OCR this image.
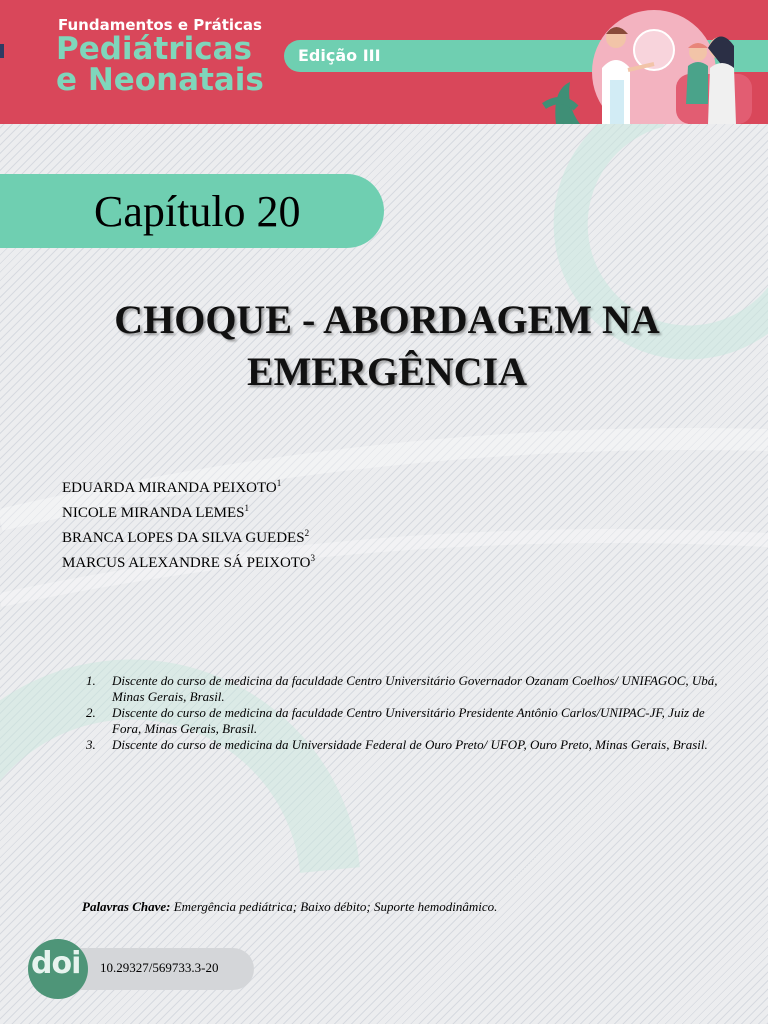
Edição III
Fundamentos e Práticas
Pediátricas
e Neonatais
Capítulo 20
CHOQUE - ABORDAGEM NA
EMERGÊNCIA
EDUARDA MIRANDA PEIXOTO$^1$
NICOLE MIRANDA LEMES$^1$
BRANCA LOPES DA SILVA GUEDES$^2$
MARCUS ALEXANDRE SÁ PEIXOTO$^3$
1. Discente do curso de medicina da faculdade Centro Universitário Governador Ozanam Coelhos/ UNIFAGOC, Ubá, Minas Gerais, Brasil.
2. Discente do curso de medicina da faculdade Centro Universitário Presidente Antônio Carlos/UNIPAC-JF, Juiz de Fora, Minas Gerais, Brasil.
3. Discente do curso de medicina da Universidade Federal de Ouro Preto/ UFOP, Ouro Preto, Minas Gerais, Brasil.
Palavras Chave: Emergência pediátrica; Baixo débito; Suporte hemodinâmico.
10.29327/569733.3-20
doi
